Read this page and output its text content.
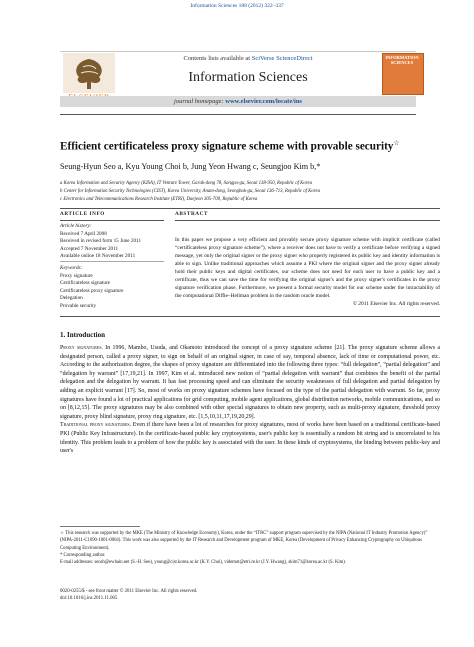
Information Sciences 188 (2012) 322–337
Contents lists available at SciVerse ScienceDirect
Information Sciences
INFORMATION SCIENCES
journal homepage: www.elsevier.com/locate/ins
Efficient certificateless proxy signature scheme with provable security☆
Seung-Hyun Seo a, Kyu Young Choi b, Jung Yeon Hwang c, Seungjoo Kim b,*
a Korea Information and Security Agency (KISA), IT Venture Tower, Garak-dong 78, Songpa-gu, Seoul 138-950, Republic of Korea
b Center for Information Security Technologies (CIST), Korea University, Anam-dong, Seongbuk-gu, Seoul 136-713, Republic of Korea
c Electronics and Telecommunications Research Institute (ETRI), Daejeon 305-700, Republic of Korea
ARTICLE INFO	ABSTRACT
Article history:
Received 7 April 2008
Received in revised form 15 June 2011
Accepted 7 November 2011
Available online 18 November 2011
Keywords:
Proxy signature
Certificateless signature
Certificateless proxy signature
Delegation
Provable security
In this paper we propose a very efficient and provably secure proxy signature scheme with implicit certificate (called “certificateless proxy signature scheme”), where a receiver does not have to verify a certificate before verifying a signed message, yet only the original signer or the proxy signer who properly registered its public key and identity information is able to sign. Unlike traditional approaches which assume a PKI where the original signer and the proxy signer already hold their public keys and digital certificates, our scheme does not need for each user to have a public key and a certificate, thus we can save the time for verifying the original signer's and the proxy signer's certificates in the proxy signature verification phase. Furthermore, we present a formal security model for our scheme under the intractability of the computational Diffie–Hellman problem in the random oracle model.
© 2011 Elsevier Inc. All rights reserved.
1. Introduction
Proxy signatures. In 1996, Mambo, Usuda, and Okamoto introduced the concept of a proxy signature scheme [21]. The proxy signature scheme allows a designated person, called a proxy signer, to sign on behalf of an original signer, in case of say, temporal absence, lack of time or computational power, etc. According to the authorization degree, the shapes of proxy signature are differentiated into the following three types: “full delegation”, “partial delegation” and “delegation by warrant” [17,19,21]. In 1997, Kim et al. introduced new notion of “partial delegation with warrant” that combines the benefit of the partial delegation and the delegation by warrant. It has fast processing speed and can eliminate the security weaknesses of full delegation and partial delegation by adding an explicit warrant [17]. So, most of works on proxy signature schemes have focused on the type of the partial delegation with warrant. So far, proxy signatures have found a lot of practical applications for grid computing, mobile agent applications, global distribution networks, mobile communications, and so on [8,12,15]. The proxy signatures may be also combined with other special signatures to obtain new property, such as multi-proxy signature, threshold proxy signature, proxy blind signature, proxy ring signature, etc. [1,5,10,11,17,19,20,29].
Traditional proxy signatures. Even if there have been a lot of researches for proxy signatures, most of works have been based on a traditional certificate-based PKI (Public Key Infrastructure). In the certificate-based public key cryptosystems, user's public key is essentially a random bit string and is uncorrelated to his identity. This problem leads to a problem of how the public key is associated with the user. In these kinds of cryptosystems, the binding between public-key and user's
☆ This research was supported by the MKE (The Ministry of Knowledge Economy), Korea, under the “ITRC” support program supervised by the NIPA (National IT Industry Promotion Agency)” (NIPA-2011-C1090-1001-0004). This work was also supported by the IT Research and Development program of MKE, Korea (Development of Privacy Enhancing Cryptography on Ubiquitous Computing Environment).
* Corresponding author.
E-mail addresses: seosh@ewhain.net (S.-H. Seo), young@cist.korea.ac.kr (K.Y. Choi), videmot@etri.re.kr (J.Y. Hwang), skim71@korea.ac.kr (S. Kim).
0020-0255/$ - see front matter © 2011 Elsevier Inc. All rights reserved.
doi:10.1016/j.ins.2011.11.005
